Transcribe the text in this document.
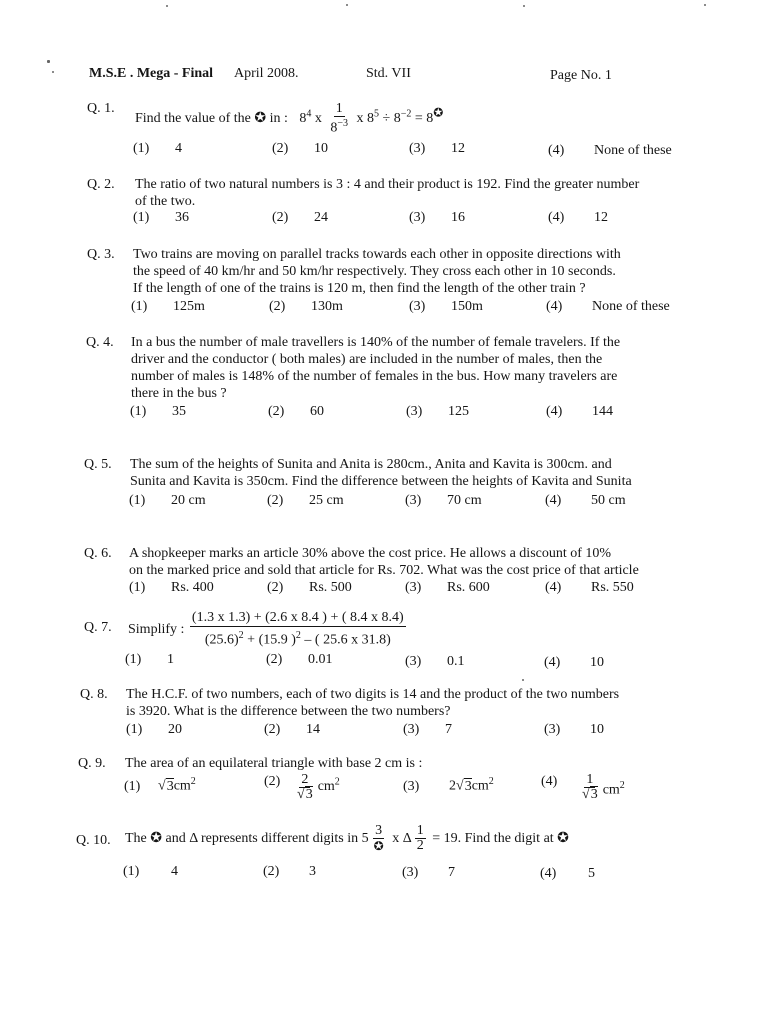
M.S.E . Mega - Final April 2008.	Std. VII	Page No. 1
Q. 1.
Find the value of the ✪ in : $8^4$ x $\frac{1}{8^{-3}}$ x $8^5 \div 8^{-2} = 8^✪$
(1) 4	(2) 10	(3) 12	(4) None of these
Q. 2. The ratio of two natural numbers is 3 : 4 and their product is 192. Find the greater number
of the two.
(1) 36	(2) 24	(3) 16	(4) 12
Q. 3. Two trains are moving on parallel tracks towards each other in opposite directions with
the speed of 40 km/hr and 50 km/hr respectively. They cross each other in 10 seconds.
If the length of one of the trains is 120 m, then find the length of the other train ?
(1) 125m	(2) 130m	(3) 150m	(4) None of these
Q. 4. In a bus the number of male travellers is 140% of the number of female travelers. If the
driver and the conductor ( both males) are included in the number of males, then the
number of males is 148% of the number of females in the bus. How many travelers are
there in the bus ?
(1) 35	(2) 60	(3) 125	(4) 144
Q. 5. The sum of the heights of Sunita and Anita is 280cm., Anita and Kavita is 300cm. and
Sunita and Kavita is 350cm. Find the difference between the heights of Kavita and Sunita
(1) 20 cm	(2) 25 cm	(3) 70 cm	(4) 50 cm
Q. 6. A shopkeeper marks an article 30% above the cost price. He allows a discount of 10%
on the marked price and sold that article for Rs. 702. What was the cost price of that article
(1) Rs. 400	(2) Rs. 500	(3) Rs. 600	(4) Rs. 550
Q. 7. Simplify : $\frac{(1.3 x 1.3) + (2.6 x 8.4 ) + ( 8.4 x 8.4)}{(25.6)^2 + (15.9 )^2 - ( 25.6 x 31.8)}$
(1) 1	(2) 0.01	(3) 0.1	(4) 10
Q. 8. The H.C.F. of two numbers, each of two digits is 14 and the product of the two numbers
is 3920. What is the difference between the two numbers?
(1) 20	(2) 14	(3) 7	(3) 10
Q. 9. The area of an equilateral triangle with base 2 cm is :
(1) $√3cm^2$	$(2) \frac{2}{√3} cm^2$	(3) $2√3cm^2$	$(4) \frac{1}{√3} cm^2$
Q. 10. The ✪ and Δ represents different digits in $5 \frac{3}{✪}$ x Δ $\frac{1}{2} = 19$. Find the digit at ✪
(1) 4	(2) 3	(3) 7	(4) 5
